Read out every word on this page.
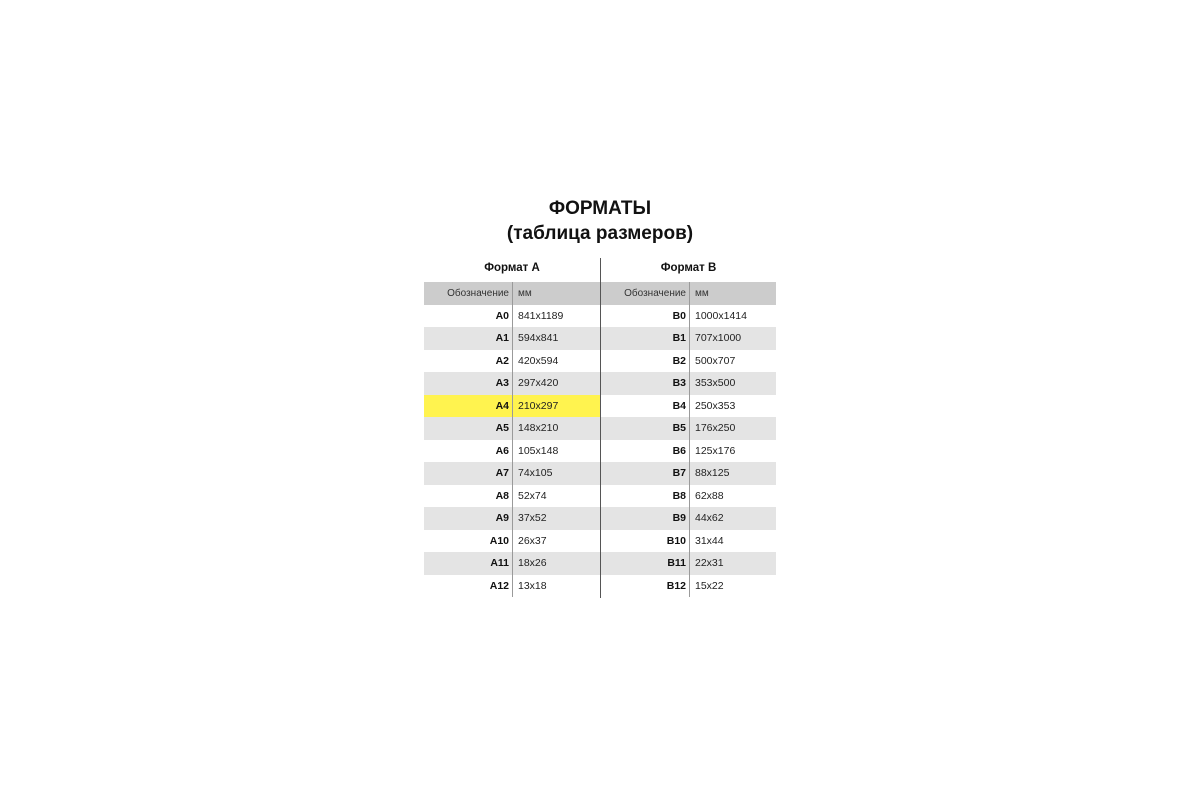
ФОРМАТЫ
(таблица размеров)
Формат А
Обозначение мм
A0 841x1189
A1 594x841
A2 420x594
A3 297x420
A4 210x297
A5 148x210
A6 105x148
A7 74x105
A8 52x74
A9 37x52
A10 26x37
A11 18x26
A12 13x18
Формат В
Обозначение мм
B0 1000x1414
B1 707x1000
B2 500x707
B3 353x500
B4 250x353
B5 176x250
B6 125x176
B7 88x125
B8 62x88
B9 44x62
B10 31x44
B11 22x31
B12 15x22
